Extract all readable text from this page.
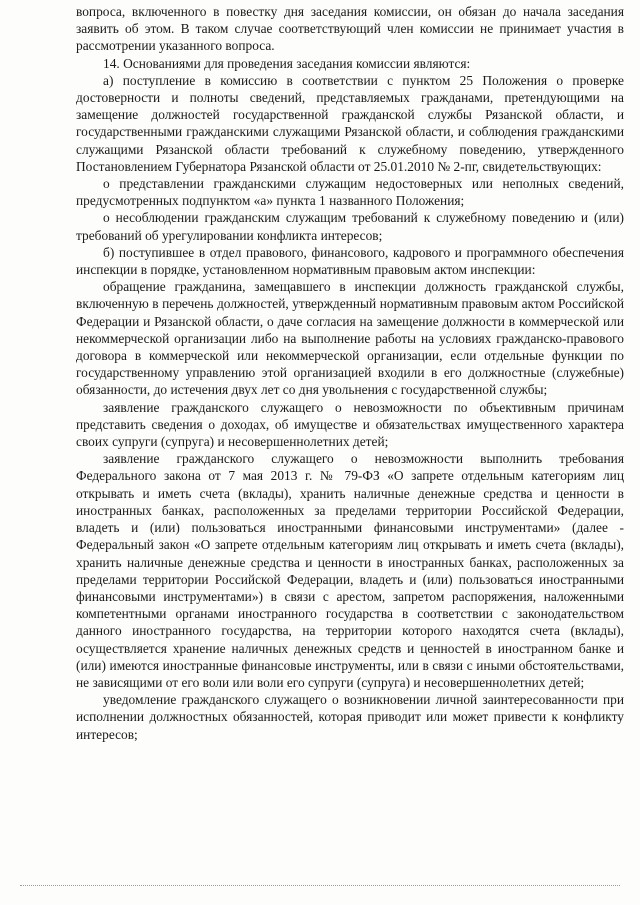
вопроса, включенного в повестку дня заседания комиссии, он обязан до начала заседания заявить об этом. В таком случае соответствующий член комиссии не принимает участия в рассмотрении указанного вопроса.

14. Основаниями для проведения заседания комиссии являются:

а) поступление в комиссию в соответствии с пунктом 25 Положения о проверке достоверности и полноты сведений, представляемых гражданами, претендующими на замещение должностей государственной гражданской службы Рязанской области, и государственными гражданскими служащими Рязанской области, и соблюдения гражданскими служащими Рязанской области требований к служебному поведению, утвержденного Постановлением Губернатора Рязанской области от 25.01.2010 № 2-пг, свидетельствующих:

о представлении гражданскими служащим недостоверных или неполных сведений, предусмотренных подпунктом «а» пункта 1 названного Положения;

о несоблюдении гражданским служащим требований к служебному поведению и (или) требований об урегулировании конфликта интересов;

б) поступившее в отдел правового, финансового, кадрового и программного обеспечения инспекции в порядке, установленном нормативным правовым актом инспекции:

обращение гражданина, замещавшего в инспекции должность гражданской службы, включенную в перечень должностей, утвержденный нормативным правовым актом Российской Федерации и Рязанской области, о даче согласия на замещение должности в коммерческой или некоммерческой организации либо на выполнение работы на условиях гражданско-правового договора в коммерческой или некоммерческой организации, если отдельные функции по государственному управлению этой организацией входили в его должностные (служебные) обязанности, до истечения двух лет со дня увольнения с государственной службы;

заявление гражданского служащего о невозможности по объективным причинам представить сведения о доходах, об имуществе и обязательствах имущественного характера своих супруги (супруга) и несовершеннолетних детей;

заявление гражданского служащего о невозможности выполнить требования Федерального закона от 7 мая 2013 г. № 79-ФЗ «О запрете отдельным категориям лиц открывать и иметь счета (вклады), хранить наличные денежные средства и ценности в иностранных банках, расположенных за пределами территории Российской Федерации, владеть и (или) пользоваться иностранными финансовыми инструментами» (далее - Федеральный закон «О запрете отдельным категориям лиц открывать и иметь счета (вклады), хранить наличные денежные средства и ценности в иностранных банках, расположенных за пределами территории Российской Федерации, владеть и (или) пользоваться иностранными финансовыми инструментами») в связи с арестом, запретом распоряжения, наложенными компетентными органами иностранного государства в соответствии с законодательством данного иностранного государства, на территории которого находятся счета (вклады), осуществляется хранение наличных денежных средств и ценностей в иностранном банке и (или) имеются иностранные финансовые инструменты, или в связи с иными обстоятельствами, не зависящими от его воли или воли его супруги (супруга) и несовершеннолетних детей;

уведомление гражданского служащего о возникновении личной заинтересованности при исполнении должностных обязанностей, которая приводит или может привести к конфликту интересов;
